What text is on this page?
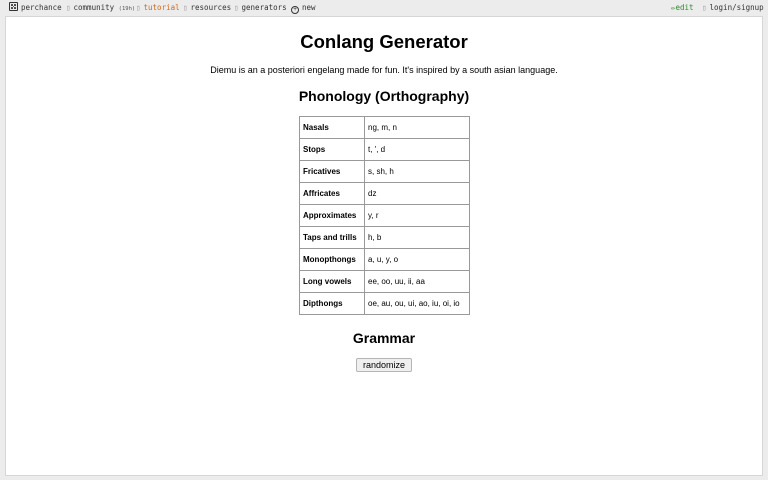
perchance ▯ community (19h) ▯ tutorial ▯ resources ▯ generators	+ new	✏edit ▯ login/signup
Conlang Generator
Diemu is an a posteriori engelang made for fun. It's inspired by a south asian language.
Phonology (Orthography)
Nasals	ng, m, n
Stops	t, ', d
Fricatives	s, sh, h
Affricates	dz
Approximates	y, r
Taps and trills	h, b
Monopthongs	a, u, y, o
Long vowels	ee, oo, uu, ii, aa
Dipthongs	oe, au, ou, ui, ao, iu, oi, io
Grammar
randomize
